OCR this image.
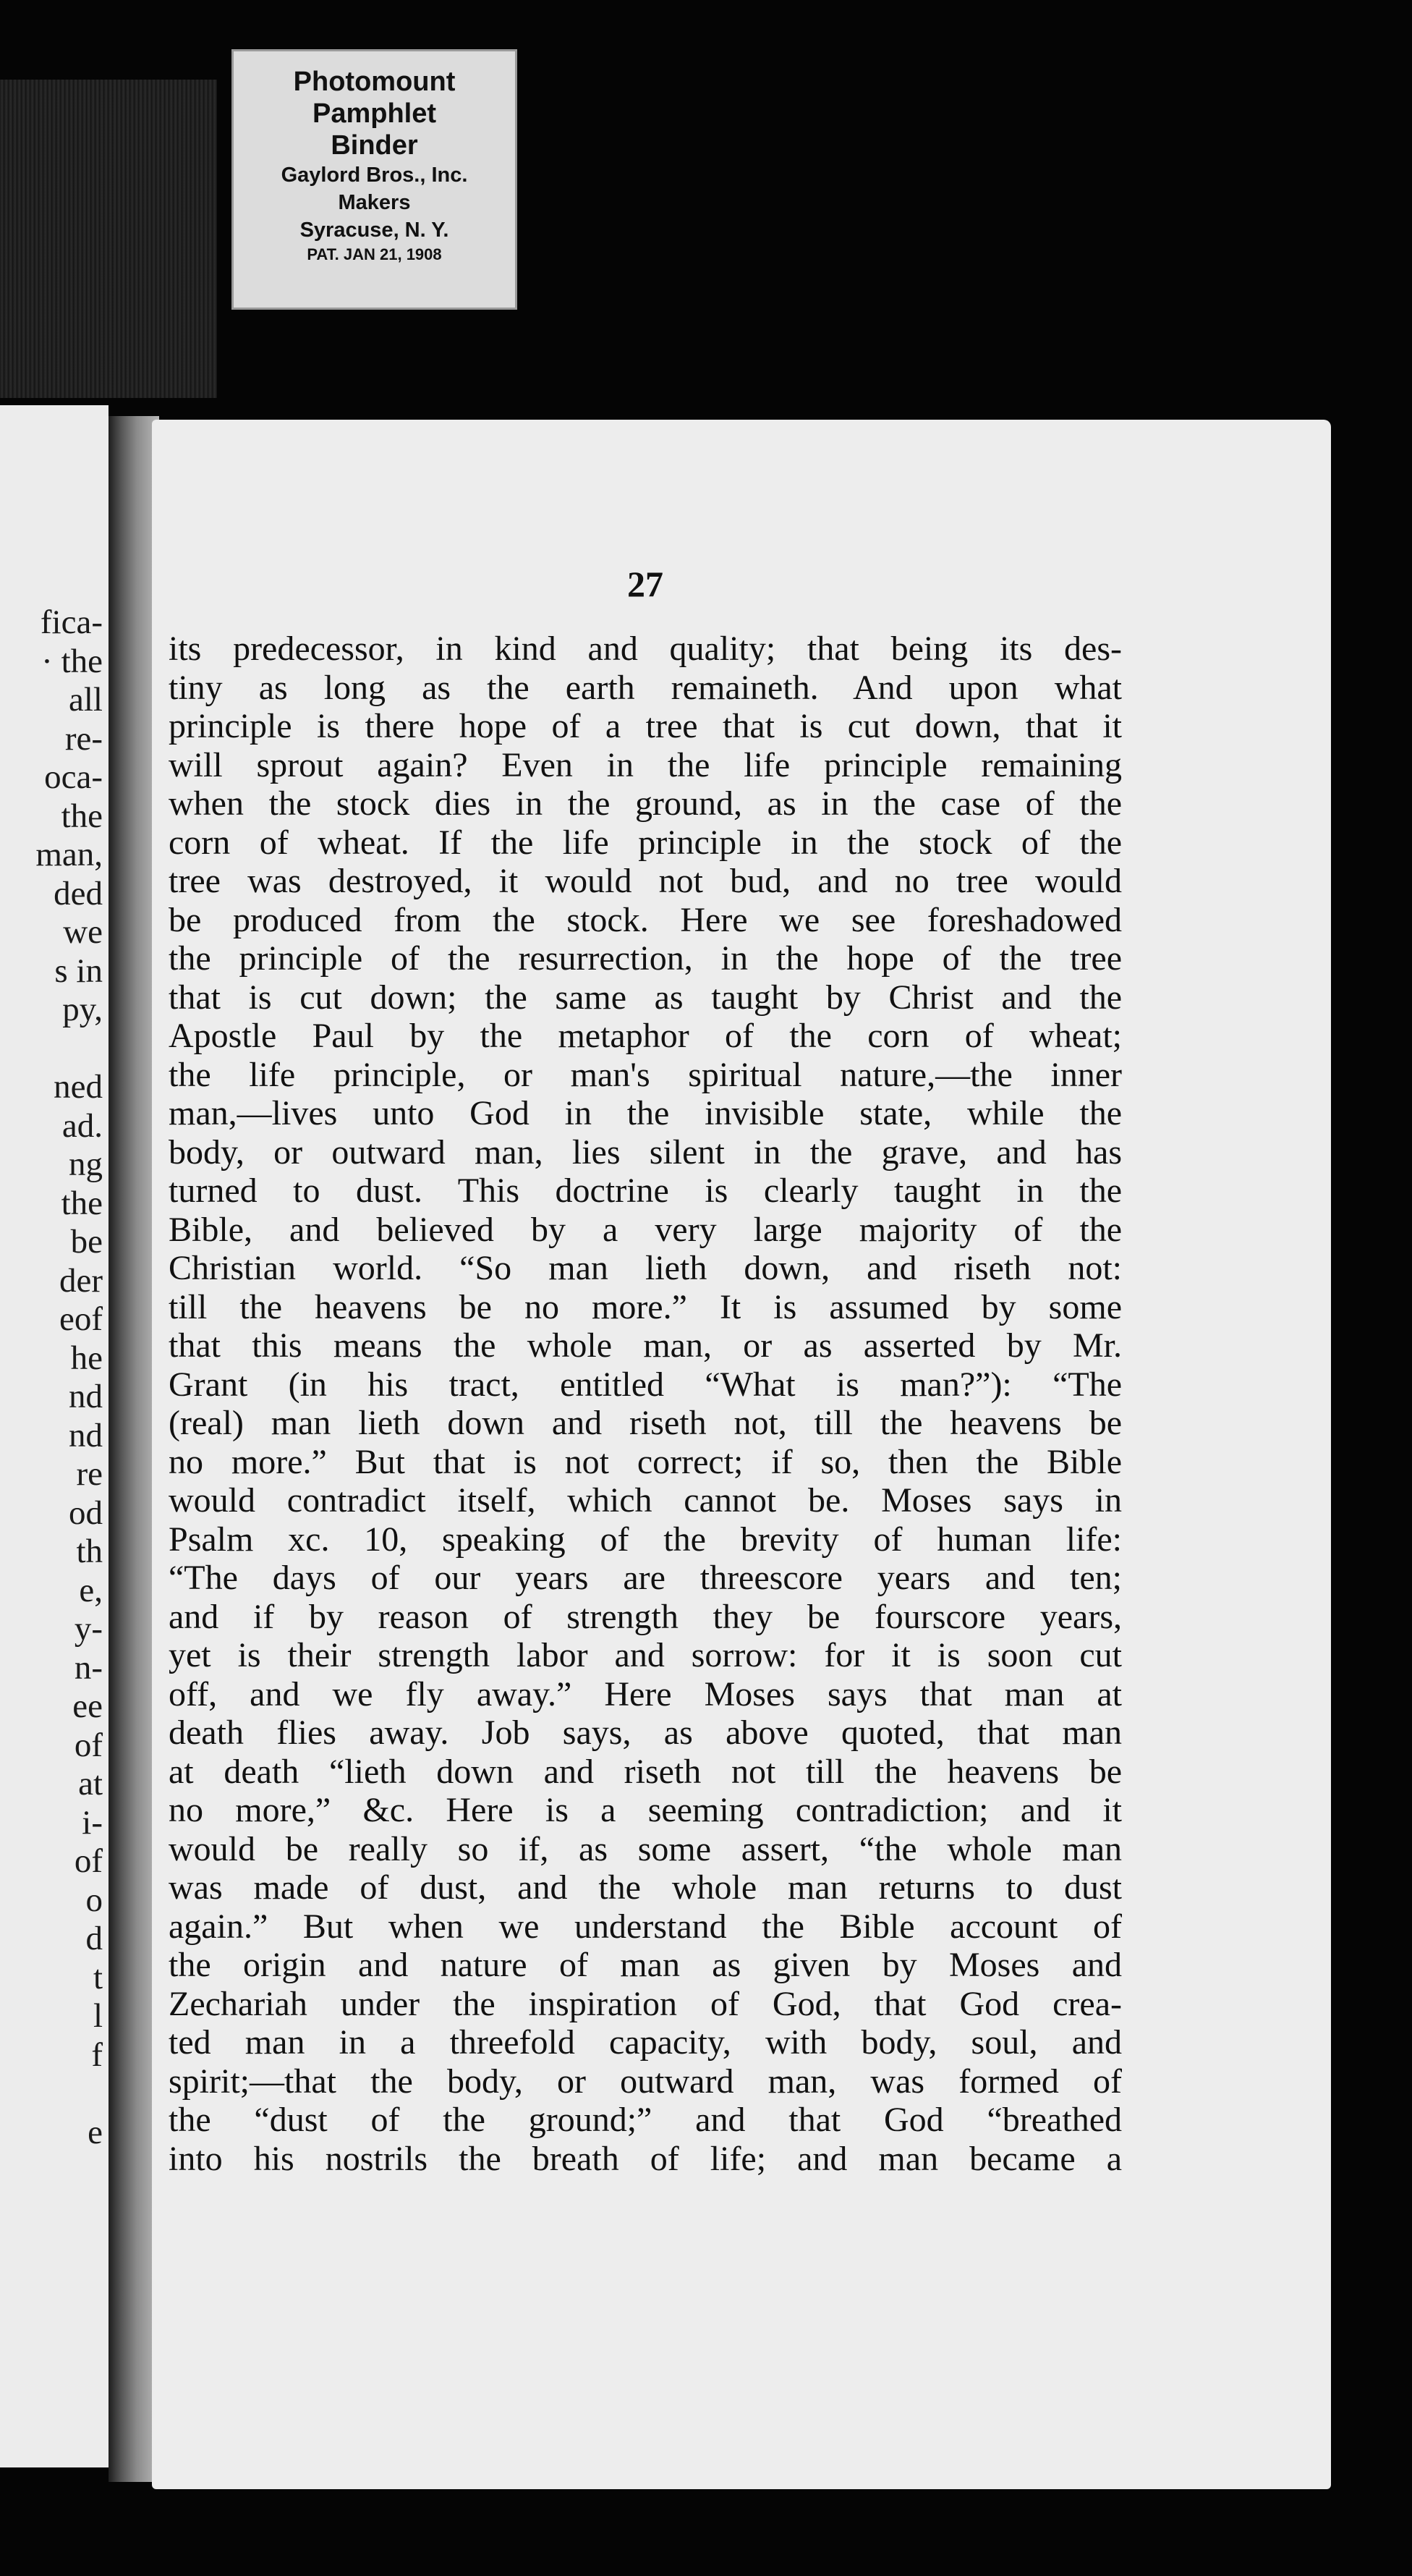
Photomount
Pamphlet
Binder
Gaylord Bros., Inc.
Makers
Syracuse, N. Y.
PAT. JAN 21, 1908
fica-
· the
all
re-
oca-
the
man,
ded
we
s in
py,
ned
ad.
ng
the
be
der
eof
he
nd
nd
re
od
th
e,
y-
n-
ee
of
at
i-
of
o
d
t
l
f
e
27
its predecessor, in kind and quality; that being its des-
tiny as long as the earth remaineth. And upon what
principle is there hope of a tree that is cut down, that it
will sprout again? Even in the life principle remaining
when the stock dies in the ground, as in the case of the
corn of wheat. If the life principle in the stock of the
tree was destroyed, it would not bud, and no tree would
be produced from the stock. Here we see foreshadowed
the principle of the resurrection, in the hope of the tree
that is cut down; the same as taught by Christ and the
Apostle Paul by the metaphor of the corn of wheat;
the life principle, or man's spiritual nature,—the inner
man,—lives unto God in the invisible state, while the
body, or outward man, lies silent in the grave, and has
turned to dust. This doctrine is clearly taught in the
Bible, and believed by a very large majority of the
Christian world. “So man lieth down, and riseth not:
till the heavens be no more.” It is assumed by some
that this means the whole man, or as asserted by Mr.
Grant (in his tract, entitled “What is man?”): “The
(real) man lieth down and riseth not, till the heavens be
no more.” But that is not correct; if so, then the Bible
would contradict itself, which cannot be. Moses says in
Psalm xc. 10, speaking of the brevity of human life:
“The days of our years are threescore years and ten;
and if by reason of strength they be fourscore years,
yet is their strength labor and sorrow: for it is soon cut
off, and we fly away.” Here Moses says that man at
death flies away. Job says, as above quoted, that man
at death “lieth down and riseth not till the heavens be
no more,” &c. Here is a seeming contradiction; and it
would be really so if, as some assert, “the whole man
was made of dust, and the whole man returns to dust
again.” But when we understand the Bible account of
the origin and nature of man as given by Moses and
Zechariah under the inspiration of God, that God crea-
ted man in a threefold capacity, with body, soul, and
spirit;—that the body, or outward man, was formed of
the “dust of the ground;” and that God “breathed
into his nostrils the breath of life; and man became a
